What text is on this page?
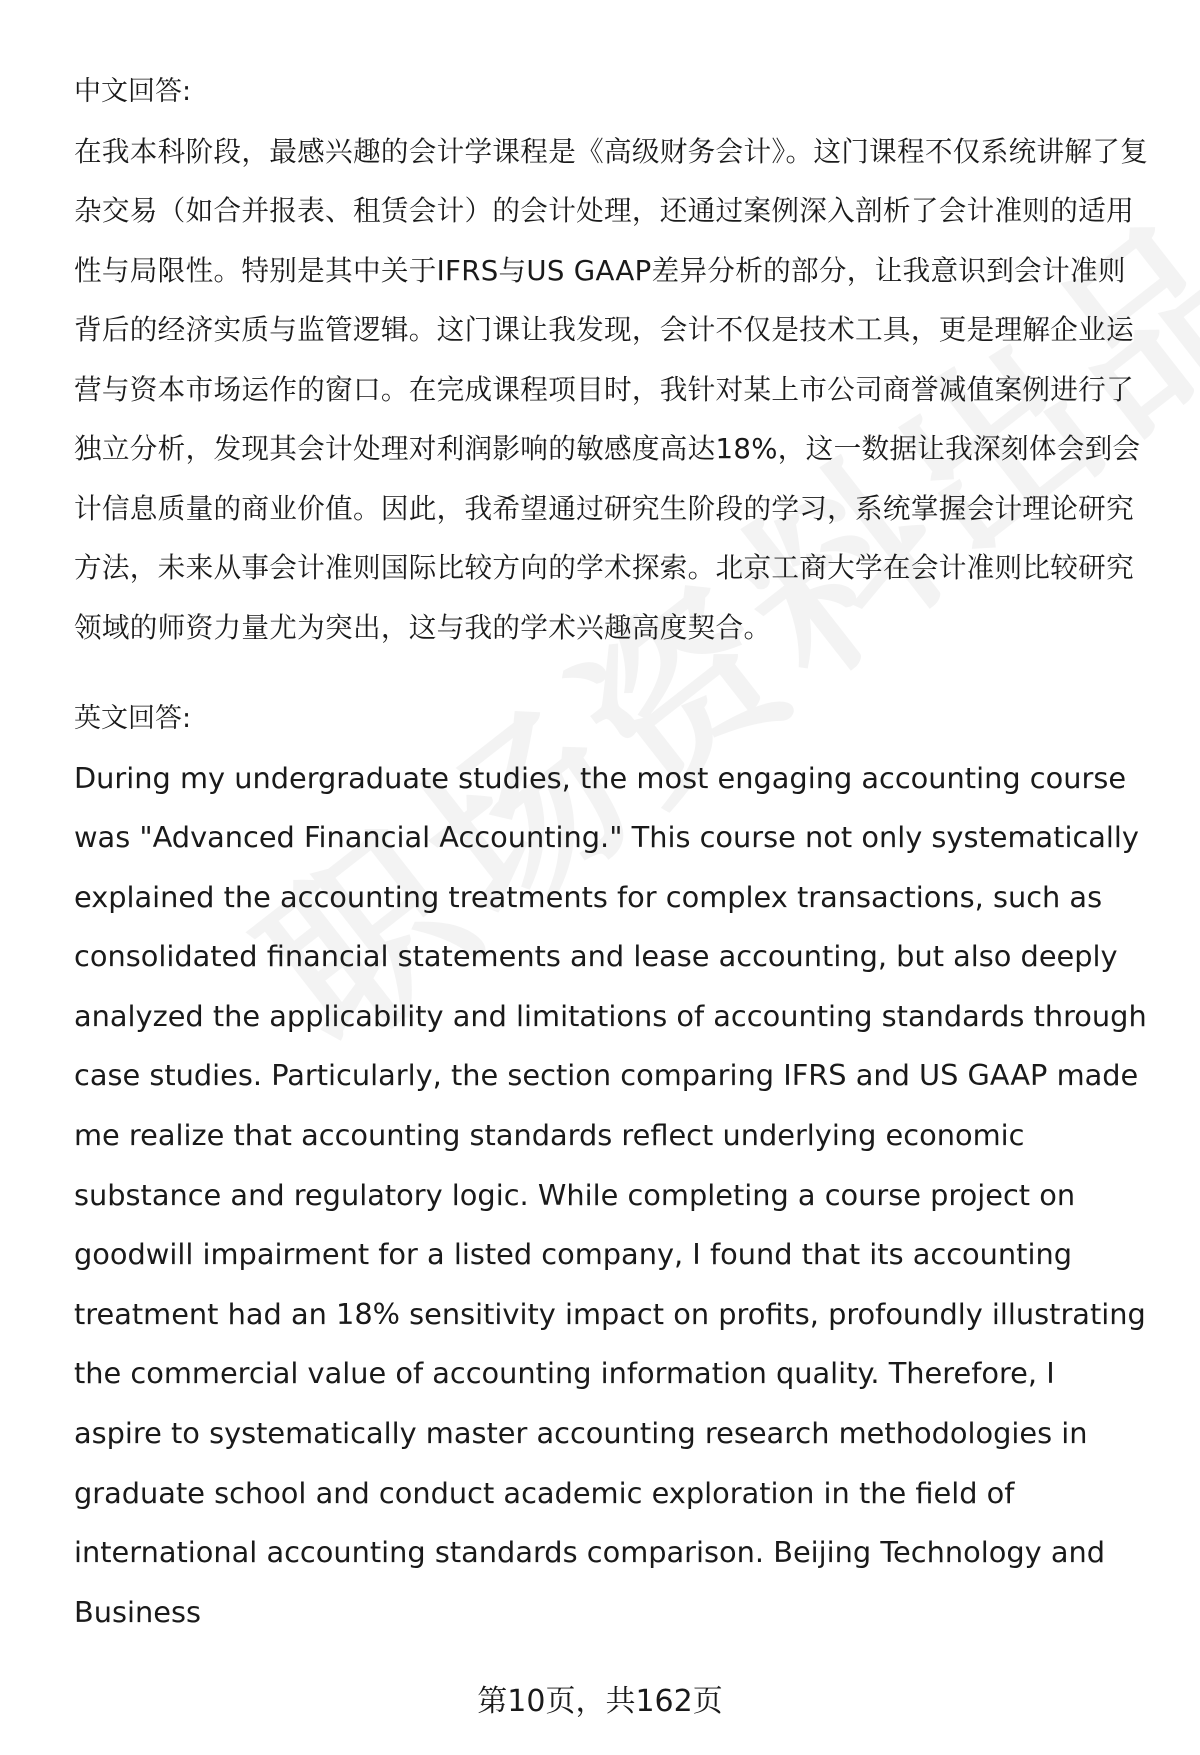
中文回答:

在我本科阶段，最感兴趣的会计学课程是《高级财务会计》。这门课程不仅系统讲解了复杂交易（如合并报表、租赁会计）的会计处理，还通过案例深入剖析了会计准则的适用性与局限性。特别是其中关于IFRS与US GAAP差异分析的部分，让我意识到会计准则背后的经济实质与监管逻辑。这门课让我发现，会计不仅是技术工具，更是理解企业运营与资本市场运作的窗口。在完成课程项目时，我针对某上市公司商誉减值案例进行了独立分析，发现其会计处理对利润影响的敏感度高达18%，这一数据让我深刻体会到会计信息质量的商业价值。因此，我希望通过研究生阶段的学习，系统掌握会计理论研究方法，未来从事会计准则国际比较方向的学术探索。北京工商大学在会计准则比较研究领域的师资力量尤为突出，这与我的学术兴趣高度契合。

英文回答:

During my undergraduate studies, the most engaging accounting course was "Advanced Financial Accounting." This course not only systematically explained the accounting treatments for complex transactions, such as consolidated financial statements and lease accounting, but also deeply analyzed the applicability and limitations of accounting standards through case studies. Particularly, the section comparing IFRS and US GAAP made me realize that accounting standards reflect underlying economic substance and regulatory logic. While completing a course project on goodwill impairment for a listed company, I found that its accounting treatment had an 18% sensitivity impact on profits, profoundly illustrating the commercial value of accounting information quality. Therefore, I aspire to systematically master accounting research methodologies in graduate school and conduct academic exploration in the field of international accounting standards comparison. Beijing Technology and Business

第10页，共162页
